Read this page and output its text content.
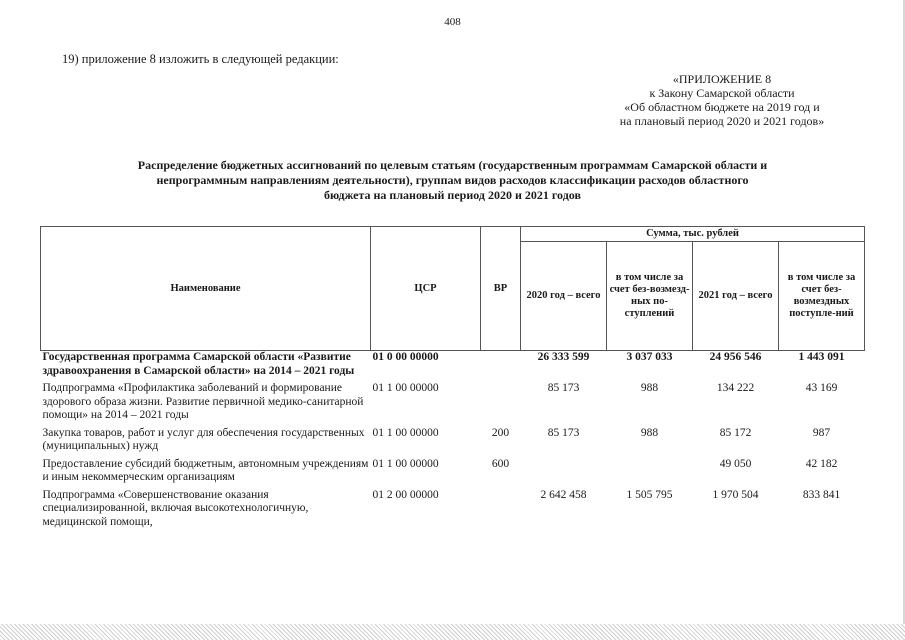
408
19) приложение 8 изложить в следующей редакции:
«ПРИЛОЖЕНИЕ 8
к Закону Самарской области
«Об областном бюджете на 2019 год и
на плановый период 2020 и 2021 годов»
Распределение бюджетных ассигнований по целевым статьям (государственным программам Самарской области и
непрограммным направлениям деятельности), группам видов расходов классификации расходов областного
бюджета на плановый период 2020 и 2021 годов
Наименование	ЦСР	ВР	Сумма, тыс. рублей			
			2020 год – всего	в том числе за счет без-возмезд-ных по-ступлений	2021 год – всего	в том числе за счет без-возмездных поступле-ний
Государственная программа Самарской области «Развитие здравоохранения в Самарской области» на 2014 – 2021 годы	01 0 00 00000		26 333 599	3 037 033	24 956 546	1 443 091
Подпрограмма «Профилактика заболеваний и формирование здорового образа жизни. Развитие первичной медико-санитарной помощи» на 2014 – 2021 годы	01 1 00 00000		85 173	988	134 222	43 169
Закупка товаров, работ и услуг для обеспечения государственных (муниципальных) нужд	01 1 00 00000	200	85 173	988	85 172	987
Предоставление субсидий бюджетным, автономным учреждениям и иным некоммерческим организациям	01 1 00 00000	600			49 050	42 182
Подпрограмма «Совершенствование оказания специализированной, включая высокотехнологичную, медицинской помощи,	01 2 00 00000		2 642 458	1 505 795	1 970 504	833 841
